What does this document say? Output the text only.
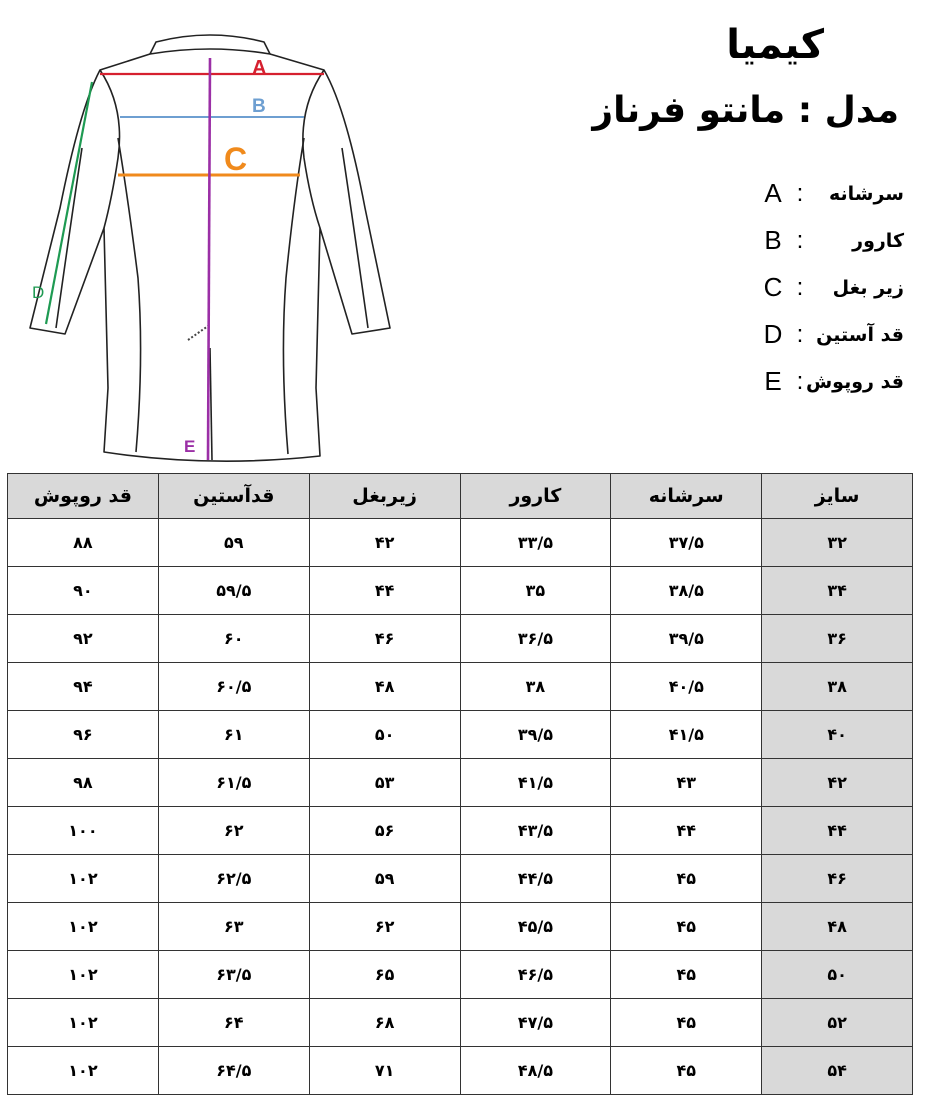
A
B
C
D
E
کیمیا
مدل : مانتو فرناز
سرشانه
:
A
کارور
:
B
زیر بغل
:
C
قد آستین
:
D
قد روپوش
:
E
سایز	سرشانه	کارور	زیربغل	قدآستین	قد روپوش
۳۲	۳۷/۵	۳۳/۵	۴۲	۵۹	۸۸
۳۴	۳۸/۵	۳۵	۴۴	۵۹/۵	۹۰
۳۶	۳۹/۵	۳۶/۵	۴۶	۶۰	۹۲
۳۸	۴۰/۵	۳۸	۴۸	۶۰/۵	۹۴
۴۰	۴۱/۵	۳۹/۵	۵۰	۶۱	۹۶
۴۲	۴۳	۴۱/۵	۵۳	۶۱/۵	۹۸
۴۴	۴۴	۴۳/۵	۵۶	۶۲	۱۰۰
۴۶	۴۵	۴۴/۵	۵۹	۶۲/۵	۱۰۲
۴۸	۴۵	۴۵/۵	۶۲	۶۳	۱۰۲
۵۰	۴۵	۴۶/۵	۶۵	۶۳/۵	۱۰۲
۵۲	۴۵	۴۷/۵	۶۸	۶۴	۱۰۲
۵۴	۴۵	۴۸/۵	۷۱	۶۴/۵	۱۰۲
